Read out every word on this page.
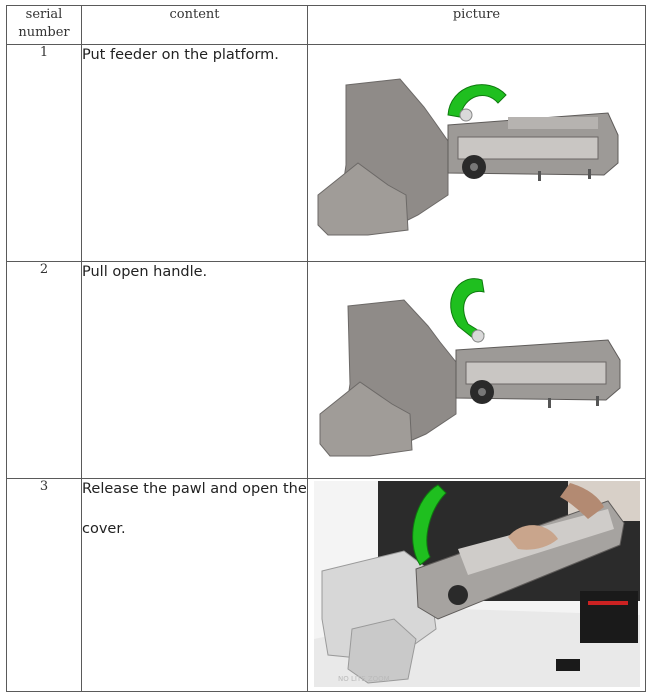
serial number	content	picture
1	Put feeder on the platform.

2	Pull open handle.

3	Release the pawl and open the cover.	NO LITE ZOOM
